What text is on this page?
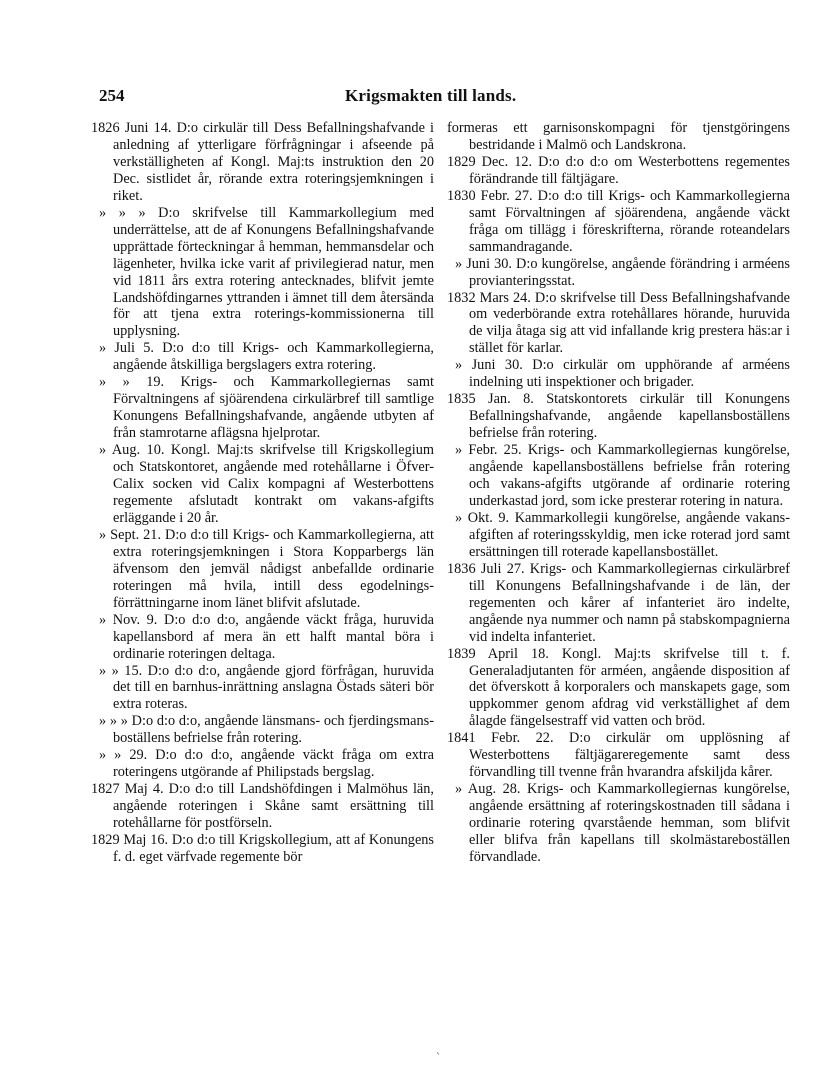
254	Krigsmakten till lands.

1826 Juni 14. D:o cirkulär till Dess Befallningshafvande i anledning af ytterligare förfrågningar i afseende på verkställigheten af Kongl. Maj:ts instruktion den 20 Dec. sistlidet år, rörande extra roteringsjemkningen i riket.

» » » D:o skrifvelse till Kammarkollegium med underrättelse, att de af Konungens Befallningshafvande upprättade förteckningar å hemman, hemmansdelar och lägenheter, hvilka icke varit af privilegierad natur, men vid 1811 års extra rotering antecknades, blifvit jemte Landshöfdingarnes yttranden i ämnet till dem återsända för att tjena extra roterings-kommissionerna till upplysning.

» Juli 5. D:o d:o till Krigs- och Kammarkollegierna, angående åtskilliga bergslagers extra rotering.

» » 19. Krigs- och Kammarkollegiernas samt Förvaltningens af sjöärendena cirkulärbref till samtlige Konungens Befallningshafvande, angående utbyten af från stamrotarne aflägsna hjelprotar.

» Aug. 10. Kongl. Maj:ts skrifvelse till Krigskollegium och Statskontoret, angående med rotehållarne i Öfver-Calix socken vid Calix kompagni af Westerbottens regemente afslutadt kontrakt om vakans-afgifts erläggande i 20 år.

» Sept. 21. D:o d:o till Krigs- och Kammarkollegierna, att extra roteringsjemkningen i Stora Kopparbergs län äfvensom den jemväl nådigst anbefallde ordinarie roteringen må hvila, intill dess egodelnings-förrättningarne inom länet blifvit afslutade.

» Nov. 9. D:o d:o d:o, angående väckt fråga, huruvida kapellansbord af mera än ett halft mantal böra i ordinarie roteringen deltaga.

» » 15. D:o d:o d:o, angående gjord förfrågan, huruvida det till en barnhus-inrättning anslagna Östads säteri bör extra roteras.

» » » D:o d:o d:o, angående länsmans- och fjerdingsmans-boställens befrielse från rotering.

» » 29. D:o d:o d:o, angående väckt fråga om extra roteringens utgörande af Philipstads bergslag.

1827 Maj 4. D:o d:o till Landshöfdingen i Malmöhus län, angående roteringen i Skåne samt ersättning till rotehållarne för postförseln.

1829 Maj 16. D:o d:o till Krigskollegium, att af Konungens f. d. eget värfvade regemente bör

formeras ett garnisonskompagni för tjenstgöringens bestridande i Malmö och Landskrona.

1829 Dec. 12. D:o d:o d:o om Westerbottens regementes förändrande till fältjägare.

1830 Febr. 27. D:o d:o till Krigs- och Kammarkollegierna samt Förvaltningen af sjöärendena, angående väckt fråga om tillägg i föreskrifterna, rörande roteandelars sammandragande.

» Juni 30. D:o kungörelse, angående förändring i arméens provianteringsstat.

1832 Mars 24. D:o skrifvelse till Dess Befallningshafvande om vederbörande extra rotehållares hörande, huruvida de vilja åtaga sig att vid infallande krig prestera häs:ar i stället för karlar.

» Juni 30. D:o cirkulär om upphörande af arméens indelning uti inspektioner och brigader.

1835 Jan. 8. Statskontorets cirkulär till Konungens Befallningshafvande, angående kapellansboställens befrielse från rotering.

» Febr. 25. Krigs- och Kammarkollegiernas kungörelse, angående kapellansboställens befrielse från rotering och vakans-afgifts utgörande af ordinarie rotering underkastad jord, som icke presterar rotering in natura.

» Okt. 9. Kammarkollegii kungörelse, angående vakans-afgiften af roteringsskyldig, men icke roterad jord samt ersättningen till roterade kapellansbostället.

1836 Juli 27. Krigs- och Kammarkollegiernas cirkulärbref till Konungens Befallningshafvande i de län, der regementen och kårer af infanteriet äro indelte, angående nya nummer och namn på stabskompagnierna vid indelta infanteriet.

1839 April 18. Kongl. Maj:ts skrifvelse till t. f. Generaladjutanten för arméen, angående disposition af det öfverskott å korporalers och manskapets gage, som uppkommer genom afdrag vid verkställighet af dem ålagde fängelsestraff vid vatten och bröd.

1841 Febr. 22. D:o cirkulär om upplösning af Westerbottens fältjägareregemente samt dess förvandling till tvenne från hvarandra afskiljda kårer.

» Aug. 28. Krigs- och Kammarkollegiernas kungörelse, angående ersättning af roteringskostnaden till sådana i ordinarie rotering qvarstående hemman, som blifvit eller blifva från kapellans till skolmästareboställen förvandlade.

`
